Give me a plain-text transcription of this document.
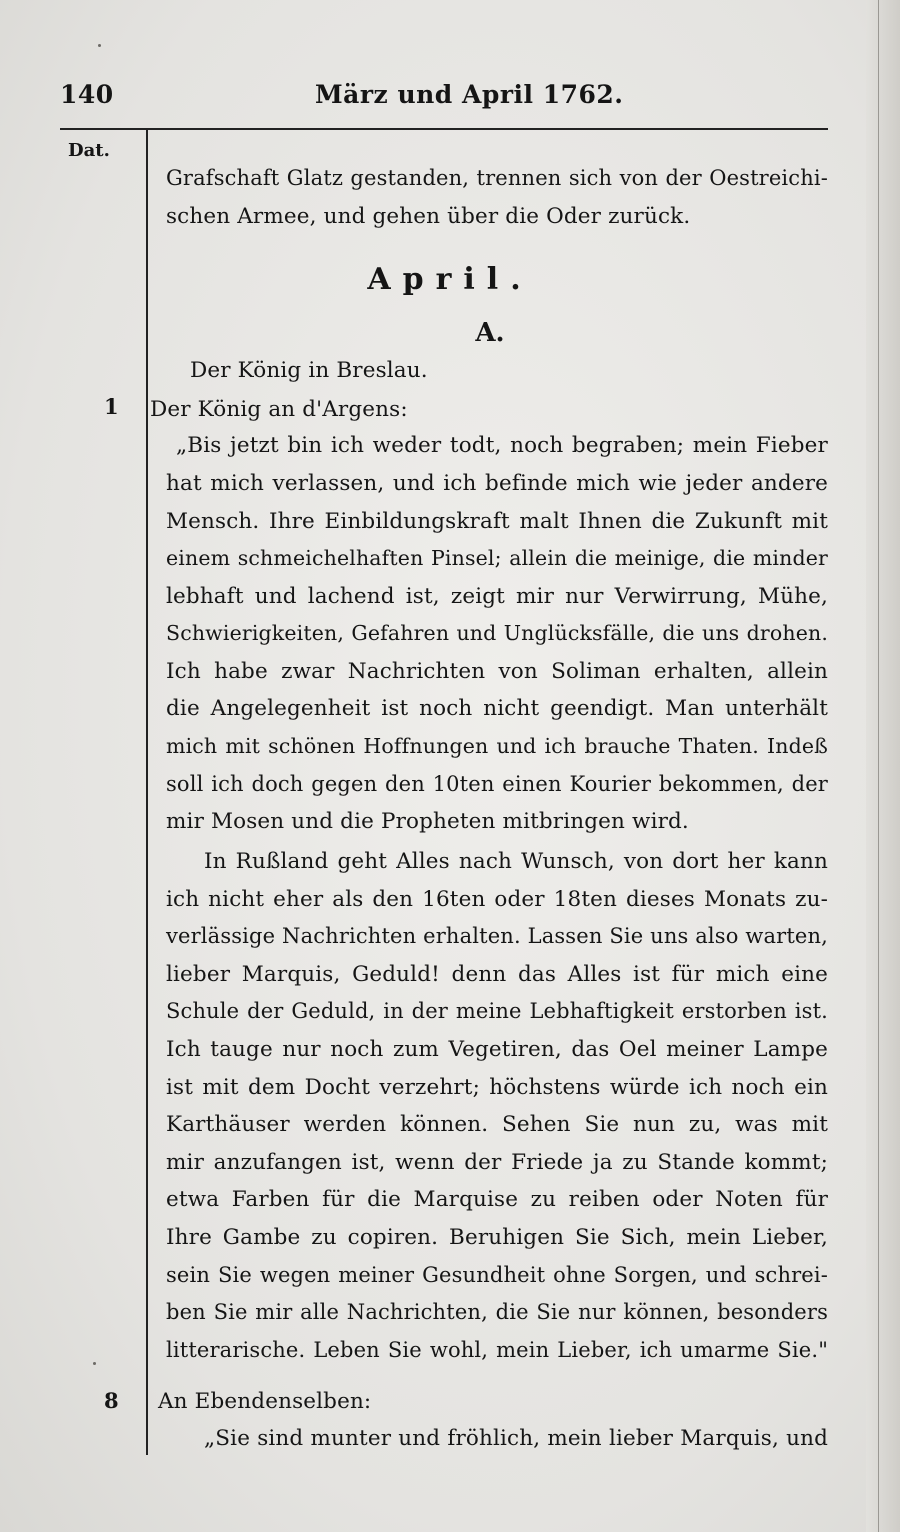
140	März und April 1762.
Dat.
1
8
Grafschaft Glatz gestanden, trennen sich von der Oestreichi-
schen Armee, und gehen über die Oder zurück.
April.
A.
Der König in Breslau.
Der König an d'Argens:
„Bis jetzt bin ich weder todt, noch begraben; mein Fieber
hat mich verlassen, und ich befinde mich wie jeder andere
Mensch. Ihre Einbildungskraft malt Ihnen die Zukunft mit
einem schmeichelhaften Pinsel; allein die meinige, die minder
lebhaft und lachend ist, zeigt mir nur Verwirrung, Mühe,
Schwierigkeiten, Gefahren und Unglücksfälle, die uns drohen.
Ich habe zwar Nachrichten von Soliman erhalten, allein
die Angelegenheit ist noch nicht geendigt. Man unterhält
mich mit schönen Hoffnungen und ich brauche Thaten. Indeß
soll ich doch gegen den 10ten einen Kourier bekommen, der
mir Mosen und die Propheten mitbringen wird.
In Rußland geht Alles nach Wunsch, von dort her kann
ich nicht eher als den 16ten oder 18ten dieses Monats zu-
verlässige Nachrichten erhalten. Lassen Sie uns also warten,
lieber Marquis, Geduld! denn das Alles ist für mich eine
Schule der Geduld, in der meine Lebhaftigkeit erstorben ist.
Ich tauge nur noch zum Vegetiren, das Oel meiner Lampe
ist mit dem Docht verzehrt; höchstens würde ich noch ein
Karthäuser werden können. Sehen Sie nun zu, was mit
mir anzufangen ist, wenn der Friede ja zu Stande kommt;
etwa Farben für die Marquise zu reiben oder Noten für
Ihre Gambe zu copiren. Beruhigen Sie Sich, mein Lieber,
sein Sie wegen meiner Gesundheit ohne Sorgen, und schrei-
ben Sie mir alle Nachrichten, die Sie nur können, besonders
litterarische. Leben Sie wohl, mein Lieber, ich umarme Sie."
An Ebendenselben:
„Sie sind munter und fröhlich, mein lieber Marquis, und
